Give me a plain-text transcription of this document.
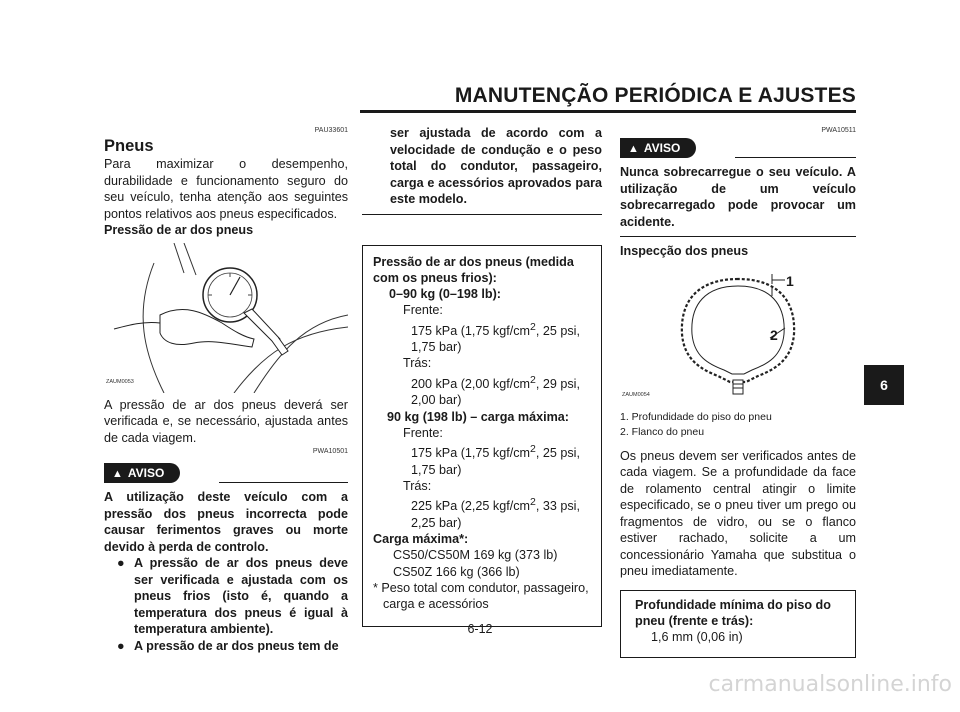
MANUTENÇÃO PERIÓDICA E AJUSTES
PAU33601
Pneus
Para maximizar o desempenho, durabilidade e funcionamento seguro do seu veículo, tenha atenção aos seguintes pontos relativos aos pneus especificados.
Pressão de ar dos pneus
ZAUM0053
A pressão de ar dos pneus deverá ser verificada e, se necessário, ajustada antes de cada viagem.
PWA10501
▲ AVISO
A utilização deste veículo com a pressão dos pneus incorrecta pode causar ferimentos graves ou morte devido à perda de controlo.
● A pressão de ar dos pneus deve ser verificada e ajustada com os pneus frios (isto é, quando a temperatura dos pneus é igual à temperatura ambiente).
● A pressão de ar dos pneus tem de
ser ajustada de acordo com a velocidade de condução e o peso total do condutor, passageiro, carga e acessórios aprovados para este modelo.
Pressão de ar dos pneus (medida com os pneus frios):
0–90 kg (0–198 lb):
Frente:
175 kPa (1,75 kgf/$cm^2$, 25 psi,
1,75 bar)
Trás:
200 kPa (2,00 kgf/$cm^2$, 29 psi,
2,00 bar)
90 kg (198 lb) – carga máxima:
Frente:
175 kPa (1,75 kgf/$cm^2$, 25 psi,
1,75 bar)
Trás:
225 kPa (2,25 kgf/$cm^2$, 33 psi,
2,25 bar)
Carga máxima*:
CS50/CS50M 169 kg (373 lb)
CS50Z 166 kg (366 lb)
* Peso total com condutor, passageiro, carga e acessórios
PWA10511
▲ AVISO
Nunca sobrecarregue o seu veículo. A utilização de um veículo sobrecarregado pode provocar um acidente.
Inspecção dos pneus
1
2
ZAUM0054
1. Profundidade do piso do pneu
2. Flanco do pneu
Os pneus devem ser verificados antes de cada viagem. Se a profundidade da face de rolamento central atingir o limite especificado, se o pneu tiver um prego ou fragmentos de vidro, ou se o flanco estiver rachado, solicite a um concessionário Yamaha que substitua o pneu imediatamente.
Profundidade mínima do piso do pneu (frente e trás):
1,6 mm (0,06 in)
6-12
6
carmanualsonline.info
